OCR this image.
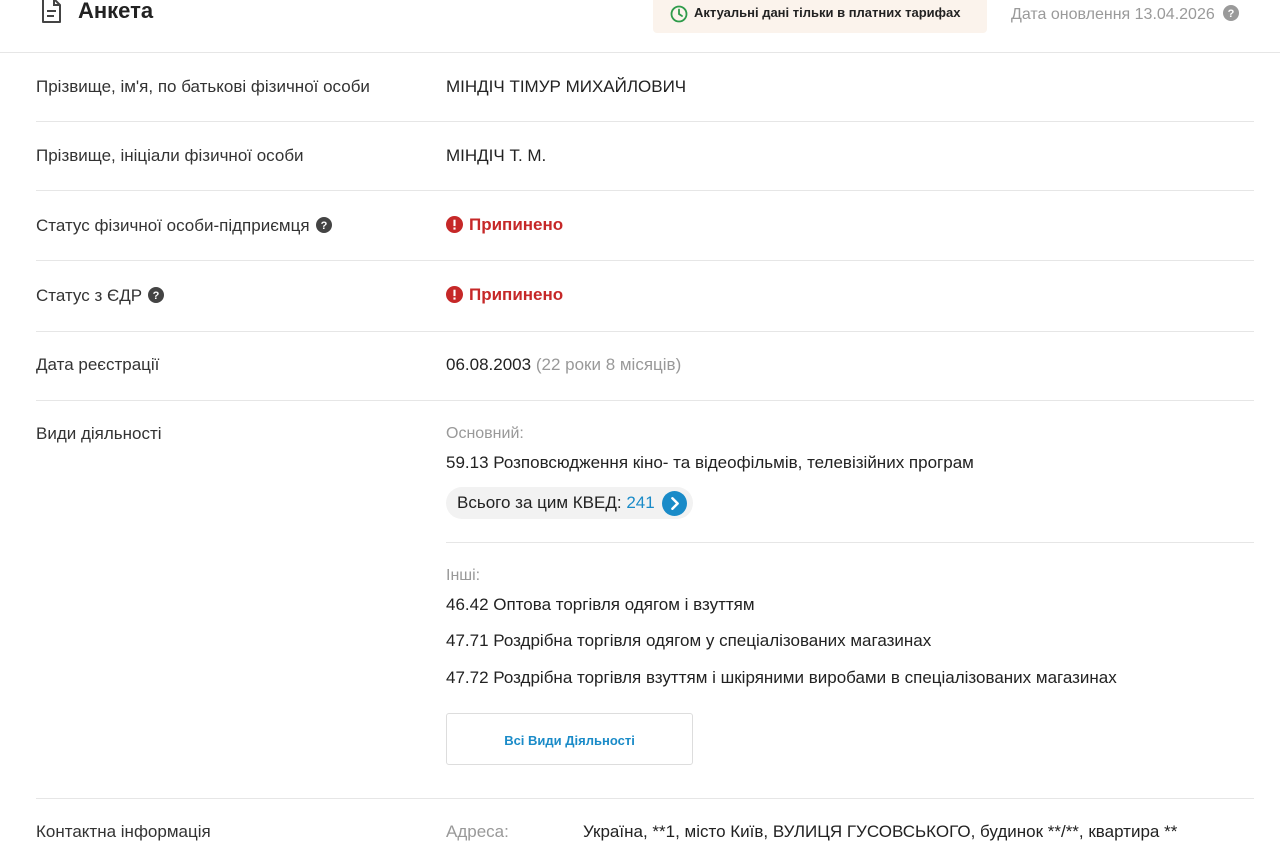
Анкета	Актуальні дані тільки в платних тарифах	Дата оновлення 13.04.2026 ?
Прізвище, ім'я, по батькові фізичної особи	МІНДІЧ ТІМУР МИХАЙЛОВИЧ
Прізвище, ініціали фізичної особи	МІНДІЧ Т. М.
Статус фізичної особи-підприємця ?	Припинено
Статус з ЄДР ?	Припинено
Дата реєстрації	06.08.2003 (22 роки 8 місяців)
Види діяльності	Основний:
59.13 Розповсюдження кіно- та відеофільмів, телевізійних програм
Всього за цим КВЕД: 241
Інші:
46.42 Оптова торгівля одягом і взуттям
47.71 Роздрібна торгівля одягом у спеціалізованих магазинах
47.72 Роздрібна торгівля взуттям і шкіряними виробами в спеціалізованих магазинах
Всі Види Діяльності
Контактна інформація	Адреса:	Україна, **1, місто Київ, ВУЛИЦЯ ГУСОВСЬКОГО, будинок **/**, квартира **
